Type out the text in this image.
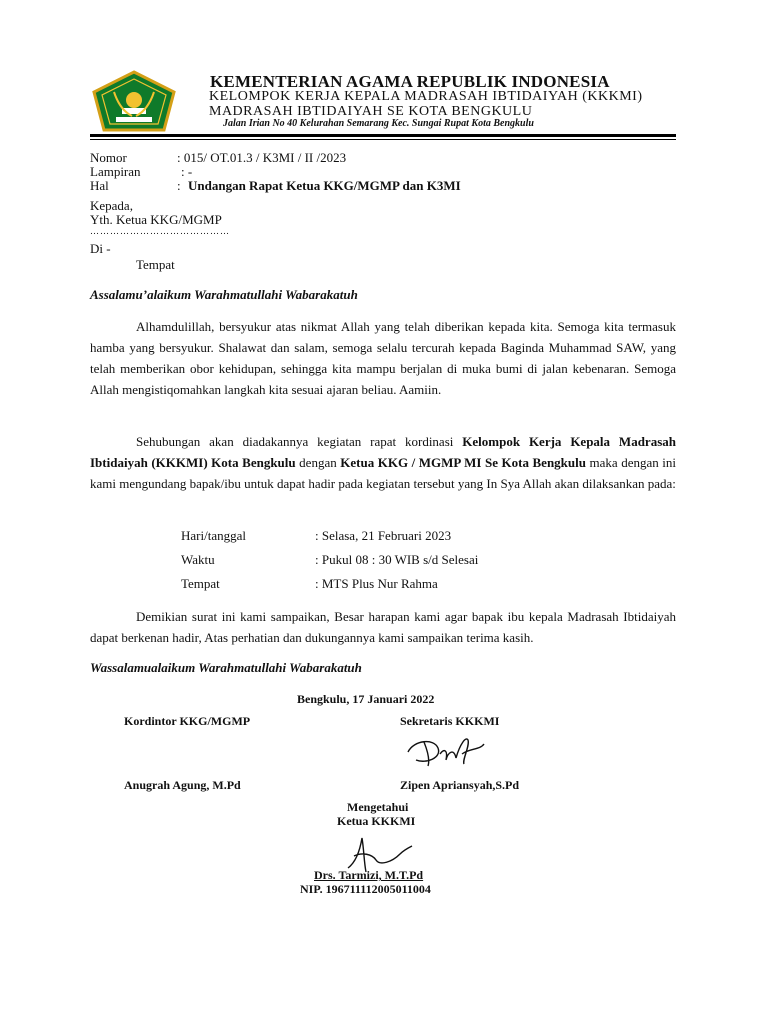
KEMENTERIAN AGAMA REPUBLIK INDONESIA
KELOMPOK KERJA KEPALA MADRASAH IBTIDAIYAH (KKKMI)
MADRASAH IBTIDAIYAH SE KOTA BENGKULU
Jalan Irian No 40 Kelurahan Semarang Kec. Sungai Rupat Kota Bengkulu
Nomor	: 015/ OT.01.3 / K3MI / II /2023
Lampiran	: -
Hal	: Undangan Rapat Ketua KKG/MGMP dan K3MI
Kepada,
Yth. Ketua KKG/MGMP
……………………………………
Di -
Tempat
Assalamu’alaikum Warahmatullahi Wabarakatuh
Alhamdulillah, bersyukur atas nikmat Allah yang telah diberikan kepada kita. Semoga kita termasuk hamba yang bersyukur. Shalawat dan salam, semoga selalu tercurah kepada Baginda Muhammad SAW, yang telah memberikan obor kehidupan, sehingga kita mampu berjalan di muka bumi di jalan kebenaran. Semoga Allah mengistiqomahkan langkah kita sesuai ajaran beliau. Aamiin.
Sehubungan akan diadakannya kegiatan rapat kordinasi Kelompok Kerja Kepala Madrasah Ibtidaiyah (KKKMI) Kota Bengkulu dengan Ketua KKG / MGMP MI Se Kota Bengkulu maka dengan ini kami mengundang bapak/ibu untuk dapat hadir pada kegiatan tersebut yang In Sya Allah akan dilaksankan pada:
Hari/tanggal	: Selasa, 21 Februari 2023
Waktu	: Pukul 08 : 30 WIB s/d Selesai
Tempat	: MTS Plus Nur Rahma
Demikian surat ini kami sampaikan, Besar harapan kami agar bapak ibu kepala Madrasah Ibtidaiyah dapat berkenan hadir, Atas perhatian dan dukungannya kami sampaikan terima kasih.
Wassalamualaikum Warahmatullahi Wabarakatuh
Bengkulu, 17 Januari 2022
Kordintor KKG/MGMP	Sekretaris KKKMI
Anugrah Agung, M.Pd	Zipen Apriansyah,S.Pd
Mengetahui
Ketua KKKMI
Drs. Tarmizi, M.T.Pd
NIP. 196711112005011004
